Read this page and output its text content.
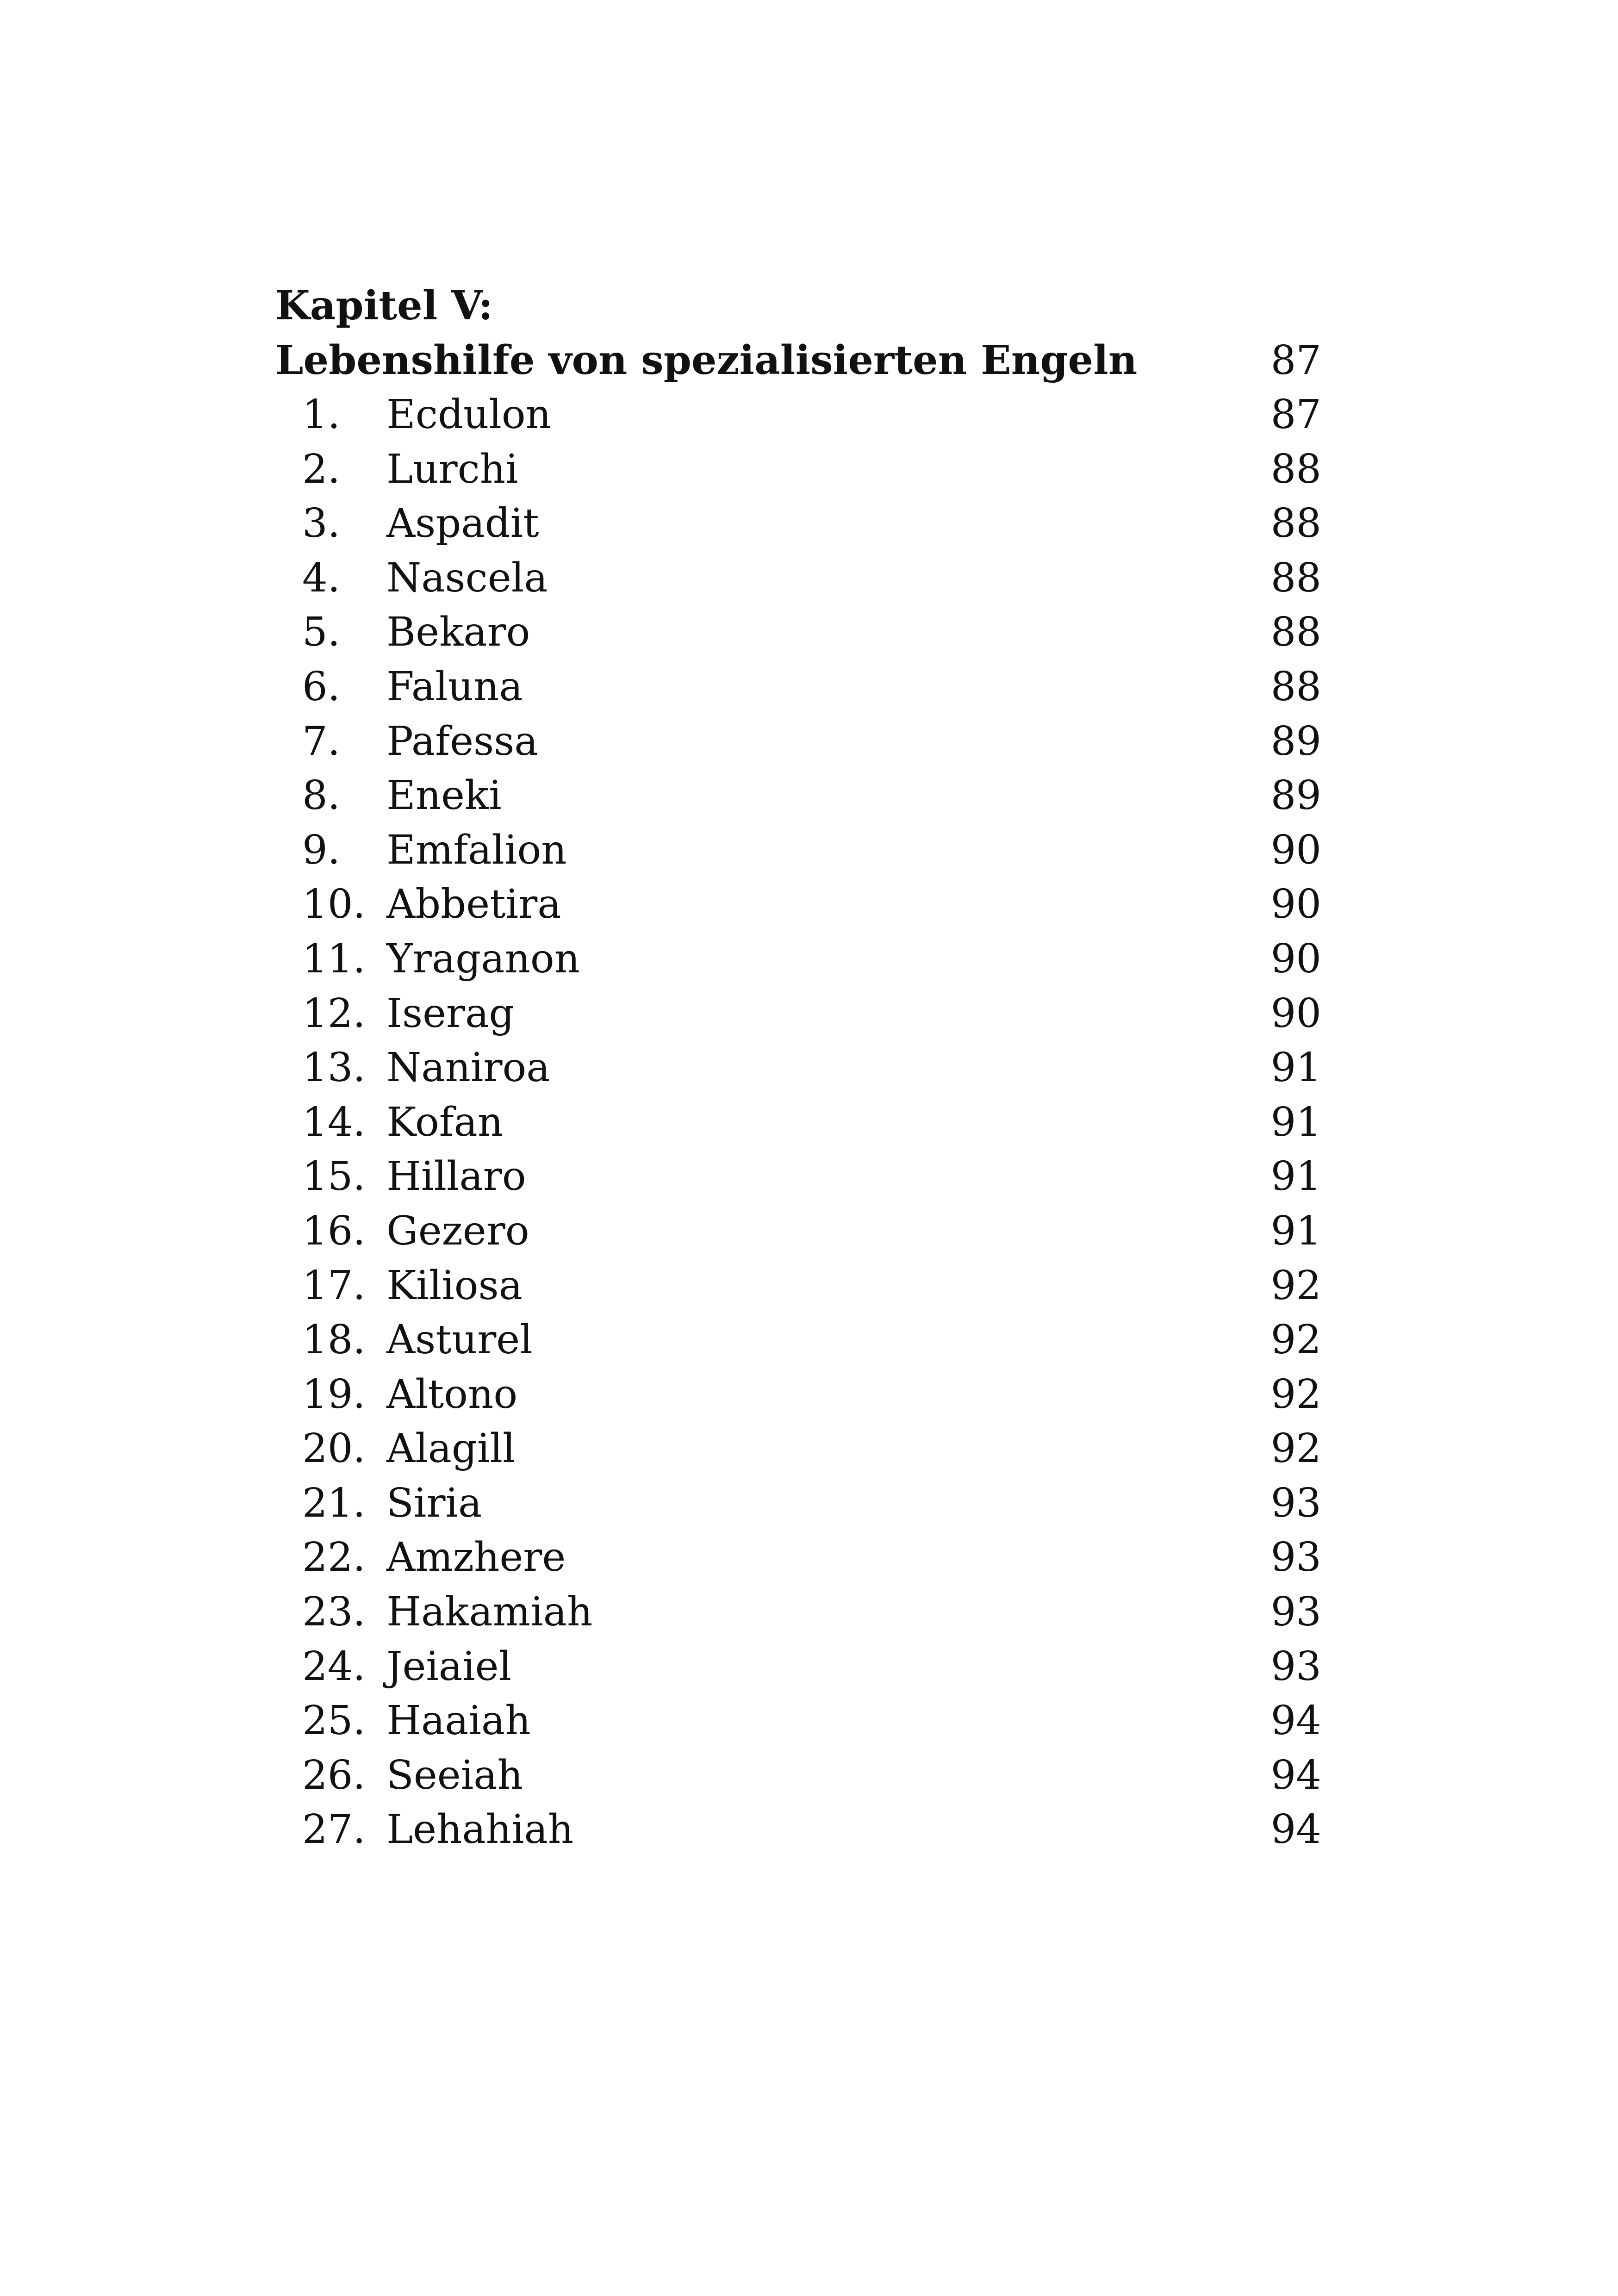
Kapitel V:
Lebenshilfe von spezialisierten Engeln	87
1.	Ecdulon	87
2.	Lurchi	88
3.	Aspadit	88
4.	Nascela	88
5.	Bekaro	88
6.	Faluna	88
7.	Pafessa	89
8.	Eneki	89
9.	Emfalion	90
10. Abbetira	90
11. Yraganon	90
12. Iserag	90
13. Naniroa	91
14. Kofan	91
15. Hillaro	91
16. Gezero	91
17. Kiliosa	92
18. Asturel	92
19. Altono	92
20. Alagill	92
21. Siria	93
22. Amzhere	93
23. Hakamiah	93
24. Jeiaiel	93
25. Haaiah	94
26. Seeiah	94
27. Lehahiah	94
